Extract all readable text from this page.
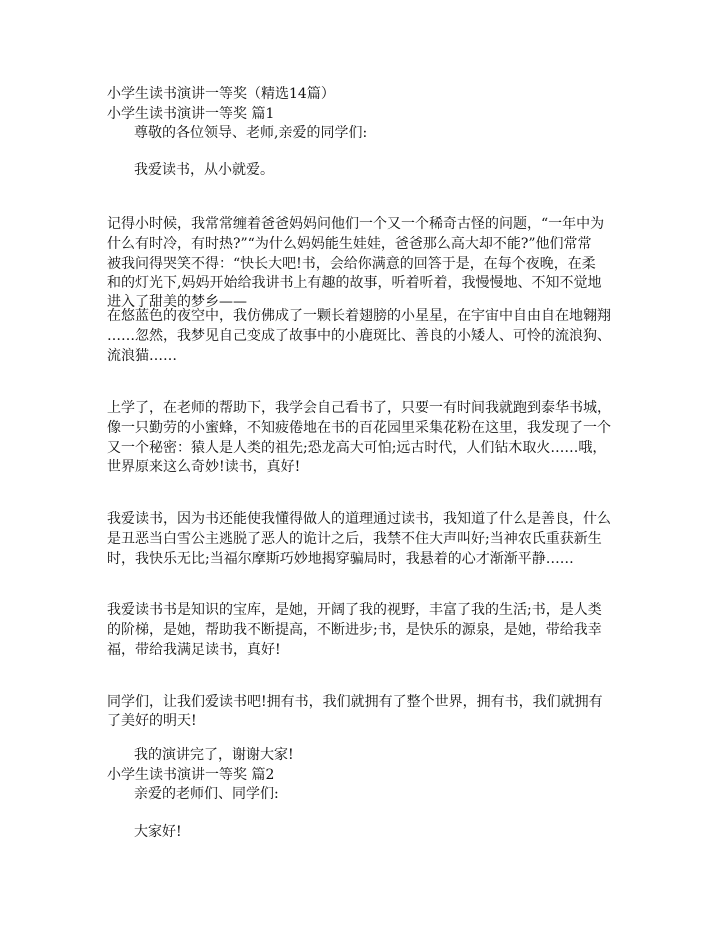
小学生读书演讲一等奖（精选14篇）

小学生读书演讲一等奖 篇1

尊敬的各位领导、老师,亲爱的同学们:

我爱读书，从小就爱。

记得小时候，我常常缠着爸爸妈妈问他们一个又一个稀奇古怪的问题，“一年中为

什么有时冷，有时热?”“为什么妈妈能生娃娃，爸爸那么高大却不能?”他们常常

被我问得哭笑不得：“快长大吧!书，会给你满意的回答于是，在每个夜晚，在柔

和的灯光下,妈妈开始给我讲书上有趣的故事，听着听着，我慢慢地、不知不觉地

进入了甜美的梦乡——

在悠蓝色的夜空中，我仿佛成了一颗长着翅膀的小星星，在宇宙中自由自在地翱翔

……忽然，我梦见自己变成了故事中的小鹿斑比、善良的小矮人、可怜的流浪狗、

流浪猫……

上学了，在老师的帮助下，我学会自己看书了，只要一有时间我就跑到泰华书城，

像一只勤劳的小蜜蜂，不知疲倦地在书的百花园里采集花粉在这里，我发现了一个

又一个秘密：猿人是人类的祖先;恐龙高大可怕;远古时代，人们钻木取火……哦，

世界原来这么奇妙!读书，真好!

我爱读书，因为书还能使我懂得做人的道理通过读书，我知道了什么是善良，什么

是丑恶当白雪公主逃脱了恶人的诡计之后，我禁不住大声叫好;当神农氏重获新生

时，我快乐无比;当福尔摩斯巧妙地揭穿骗局时，我悬着的心才渐渐平静……

我爱读书书是知识的宝库，是她，开阔了我的视野，丰富了我的生活;书，是人类

的阶梯，是她，帮助我不断提高，不断进步;书，是快乐的源泉，是她，带给我幸

福，带给我满足读书，真好!

同学们，让我们爱读书吧!拥有书，我们就拥有了整个世界，拥有书，我们就拥有

了美好的明天!

我的演讲完了，谢谢大家!

小学生读书演讲一等奖 篇2

亲爱的老师们、同学们:

大家好!
